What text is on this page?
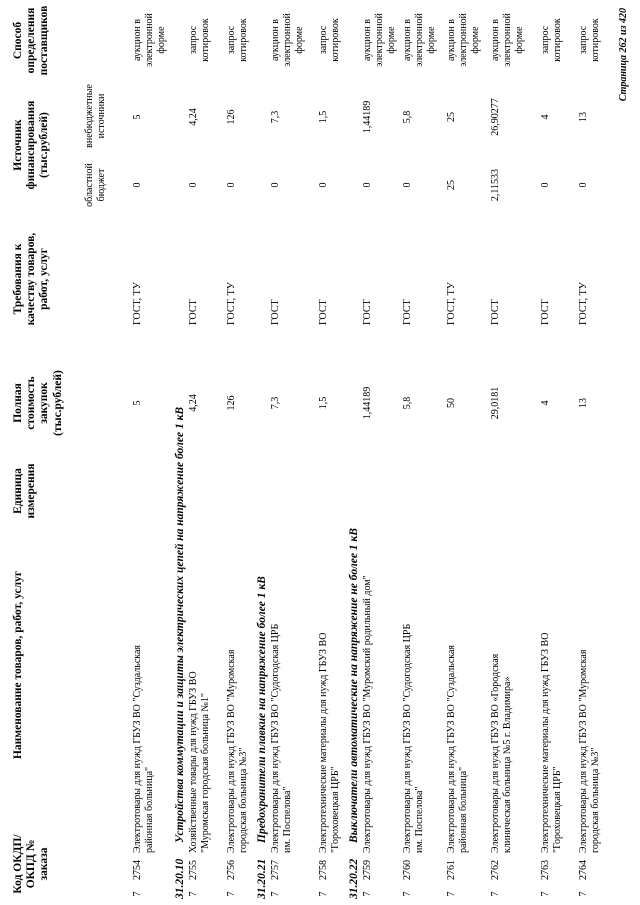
Код ОКДП/ ОКПД № заказа
Наименование товаров, работ, услуг
Единица измерения
Полная стоимость закупок (тыс.рублей)
Требования к качеству товаров, работ, услуг
Источник финансирования (тыс.рублей)
областной бюджет
внебюджетные источники
Способ определения поставщиков
7
2754
Электротовары для нужд ГБУЗ ВО "Суздальская районная больница"
5
ГОСТ, ТУ
0
5
аукцион в электронной форме
31.20.10
Устройства коммутации и защиты электрических цепей на напряжение более 1 кВ
7
2755
Хозяйственные товары для нужд ГБУЗ ВО "Муромская городская больница №1"
4,24
ГОСТ
0
4,24
запрос котировок
7
2756
Электротовары для нужд ГБУЗ ВО "Муромская городская больница №3"
126
ГОСТ, ТУ
0
126
запрос котировок
31.20.21
Предохранители плавкие на напряжение более 1 кВ
7
2757
Электротовары для нужд ГБУЗ ВО "Судогодская ЦРБ им. Поспелова"
7,3
ГОСТ
0
7,3
аукцион в электронной форме
7
2758
Электротехнические материалы для нужд ГБУЗ ВО "Гороховецкая ЦРБ"
1,5
ГОСТ
0
1,5
запрос котировок
31.20.22
Выключатели автоматические на напряжение не более 1 кВ
7
2759
Электротовары для нужд ГБУЗ ВО "Муромский родильный дом"
1,44189
ГОСТ
0
1,44189
аукцион в электронной форме
7
2760
Электротовары для нужд ГБУЗ ВО "Судогодская ЦРБ им. Поспелова"
5,8
ГОСТ
0
5,8
аукцион в электронной форме
7
2761
Электротовары для нужд ГБУЗ ВО "Суздальская районная больница"
50
ГОСТ, ТУ
25
25
аукцион в электронной форме
7
2762
Электротовары для нужд ГБУЗ ВО «Городская клиническая больница №5 г. Владимира»
29,0181
ГОСТ
2,11533
26,90277
аукцион в электронной форме
7
2763
Электротехнические материалы для нужд ГБУЗ ВО "Гороховецкая ЦРБ"
4
ГОСТ
0
4
запрос котировок
7
2764
Электротовары для нужд ГБУЗ ВО "Муромская городская больница №3"
13
ГОСТ, ТУ
0
13
запрос котировок Страница 262 из 420
